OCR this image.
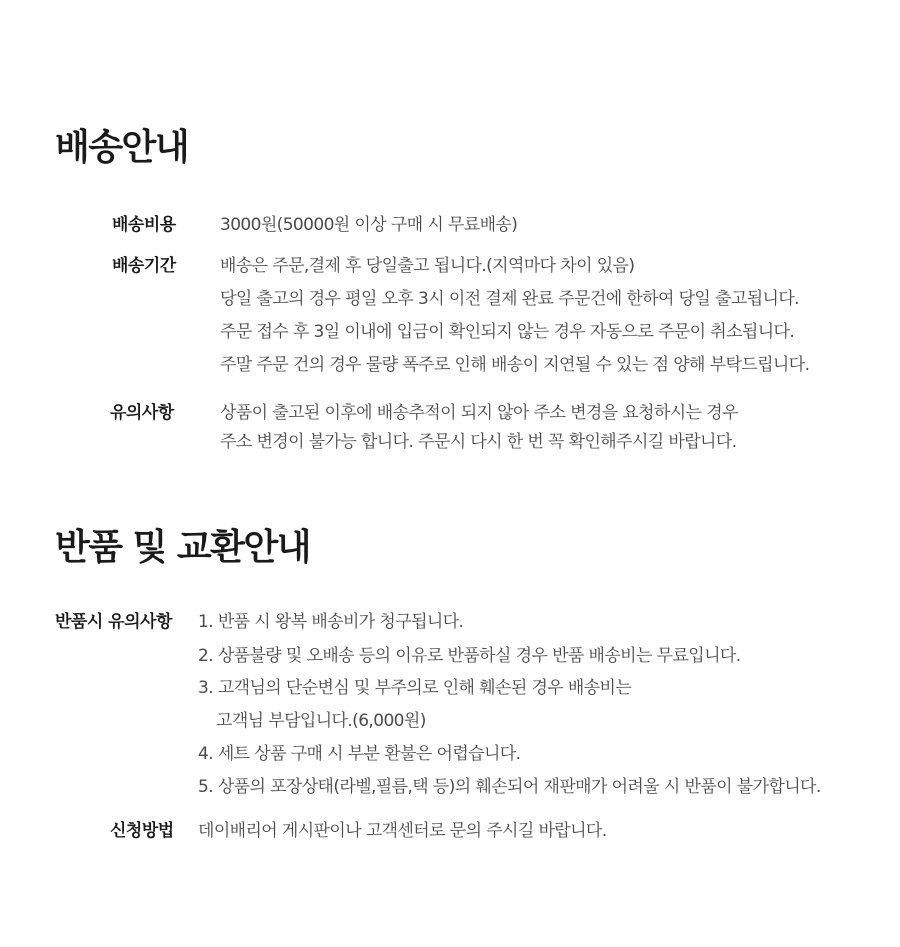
배송안내
배송비용	3000원(50000원 이상 구매 시 무료배송)
배송기간	배송은 주문,결제 후 당일출고 됩니다.(지역마다 차이 있음)
당일 출고의 경우 평일 오후 3시 이전 결제 완료 주문건에 한하여 당일 출고됩니다.
주문 접수 후 3일 이내에 입금이 확인되지 않는 경우 자동으로 주문이 취소됩니다.
주말 주문 건의 경우 물량 폭주로 인해 배송이 지연될 수 있는 점 양해 부탁드립니다.
유의사항	상품이 출고된 이후에 배송추적이 되지 않아 주소 변경을 요청하시는 경우
주소 변경이 불가능 합니다. 주문시 다시 한 번 꼭 확인해주시길 바랍니다.
반품 및 교환안내
반품시 유의사항 1. 반품 시 왕복 배송비가 청구됩니다.
2. 상품불량 및 오배송 등의 이유로 반품하실 경우 반품 배송비는 무료입니다.
3. 고객님의 단순변심 및 부주의로 인해 훼손된 경우 배송비는
고객님 부담입니다.(6,000원)
4. 세트 상품 구매 시 부분 환불은 어렵습니다.
5. 상품의 포장상태(라벨,필름,택 등)의 훼손되어 재판매가 어려울 시 반품이 불가합니다.
신청방법 데이배리어 게시판이나 고객센터로 문의 주시길 바랍니다.
